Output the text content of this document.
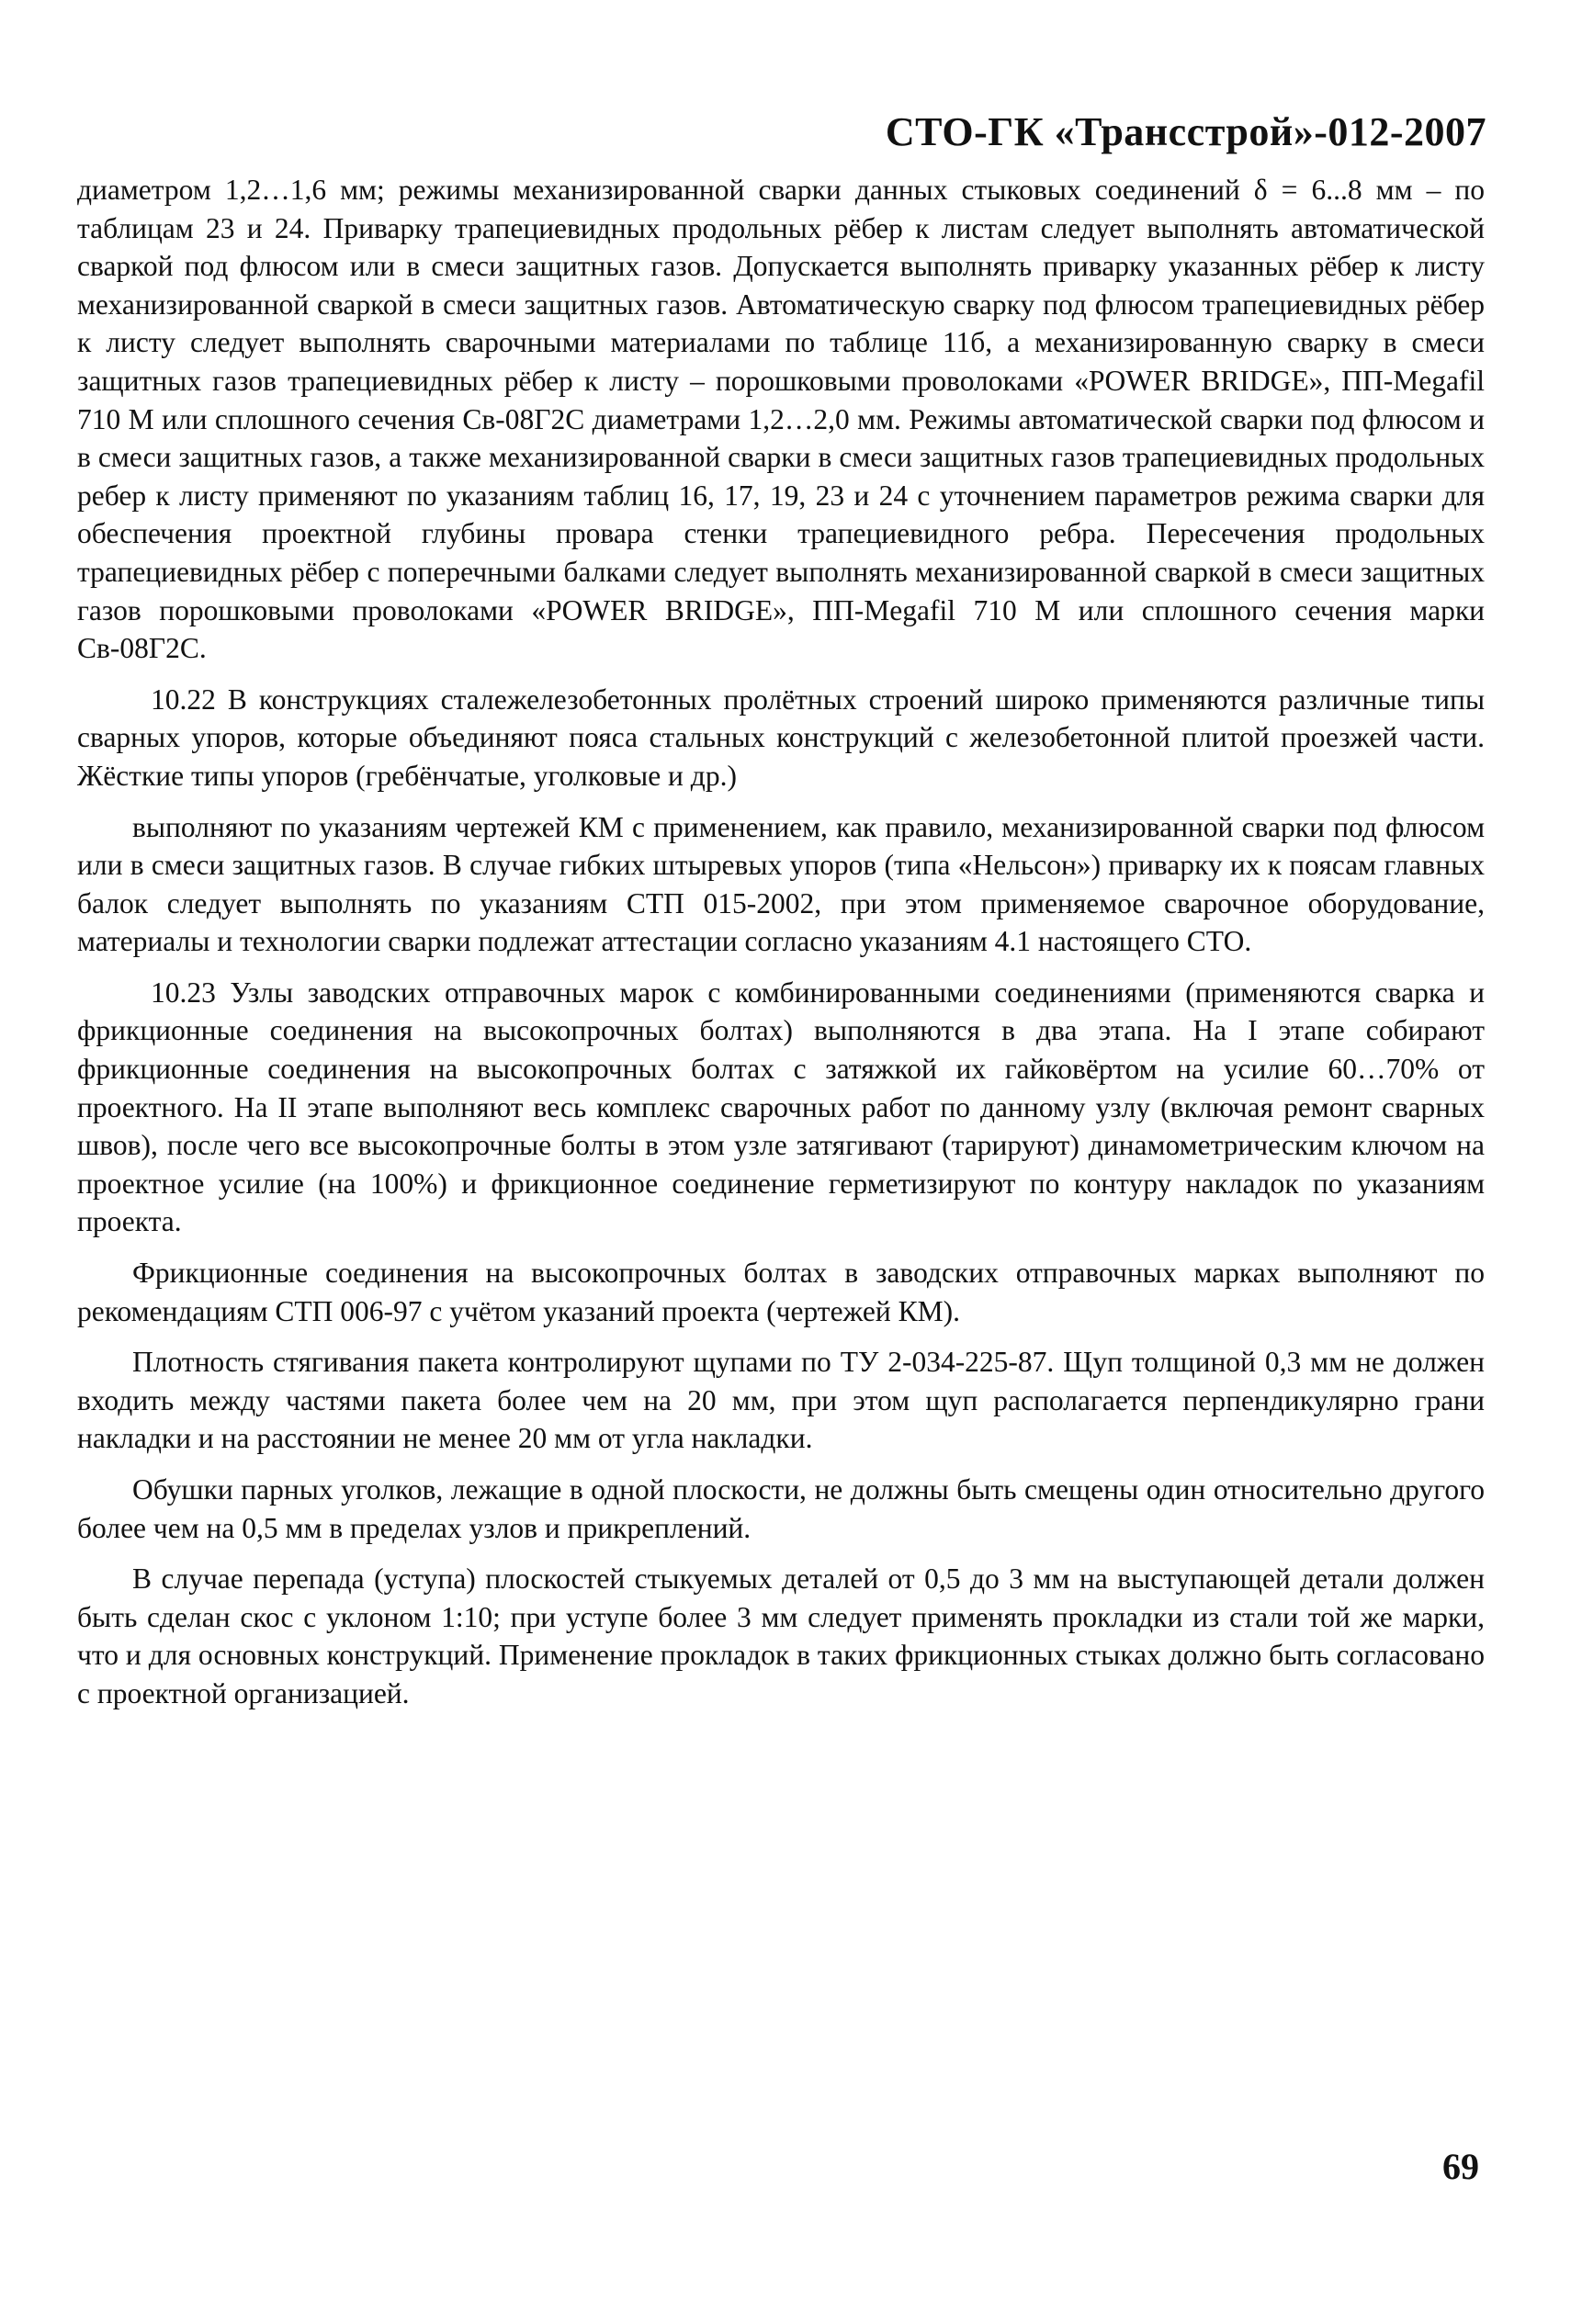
СТО-ГК «Трансстрой»-012-2007

диаметром 1,2…1,6 мм; режимы механизированной сварки данных стыковых соединений δ = 6...8 мм – по таблицам 23 и 24. Приварку трапециевидных продольных рёбер к листам следует выполнять автоматической сваркой под флюсом или в смеси защитных газов. Допускается выполнять приварку указанных рёбер к листу механизированной сваркой в смеси защитных газов. Автоматическую сварку под флюсом трапециевидных рёбер к листу следует выполнять сварочными материалами по таблице 11б, а механизированную сварку в смеси защитных газов трапециевидных рёбер к листу – порошковыми проволоками «POWER BRIDGE», ПП-Megafil 710 М или сплошного сечения Св-08Г2С диаметрами 1,2…2,0 мм. Режимы автоматической сварки под флюсом и в смеси защитных газов, а также механизированной сварки в смеси защитных газов трапециевидных продольных ребер к листу применяют по указаниям таблиц 16, 17, 19, 23 и 24 с уточнением параметров режима сварки для обеспечения проектной глубины провара стенки трапециевидного ребра. Пересечения продольных трапециевидных рёбер с поперечными балками следует выполнять механизированной сваркой в смеси защитных газов порошковыми проволоками «POWER BRIDGE», ПП-Megafil 710 М или сплошного сечения марки Св-08Г2С.

10.22 В конструкциях сталежелезобетонных пролётных строений широко применяются различные типы сварных упоров, которые объединяют пояса стальных конструкций с железобетонной плитой проезжей части. Жёсткие типы упоров (гребёнчатые, уголковые и др.)

выполняют по указаниям чертежей КМ с применением, как правило, механизированной сварки под флюсом или в смеси защитных газов. В случае гибких штыревых упоров (типа «Нельсон») приварку их к поясам главных балок следует выполнять по указаниям СТП 015-2002, при этом применяемое сварочное оборудование, материалы и технологии сварки подлежат аттестации согласно указаниям 4.1 настоящего СТО.

10.23 Узлы заводских отправочных марок с комбинированными соединениями (применяются сварка и фрикционные соединения на высокопрочных болтах) выполняются в два этапа. На I этапе собирают фрикционные соединения на высокопрочных болтах с затяжкой их гайковёртом на усилие 60…70% от проектного. На II этапе выполняют весь комплекс сварочных работ по данному узлу (включая ремонт сварных швов), после чего все высокопрочные болты в этом узле затягивают (тарируют) динамометрическим ключом на проектное усилие (на 100%) и фрикционное соединение герметизируют по контуру накладок по указаниям проекта.

Фрикционные соединения на высокопрочных болтах в заводских отправочных марках выполняют по рекомендациям СТП 006-97 с учётом указаний проекта (чертежей КМ).

Плотность стягивания пакета контролируют щупами по ТУ 2-034-225-87. Щуп толщиной 0,3 мм не должен входить между частями пакета более чем на 20 мм, при этом щуп располагается перпендикулярно грани накладки и на расстоянии не менее 20 мм от угла накладки.

Обушки парных уголков, лежащие в одной плоскости, не должны быть смещены один относительно другого более чем на 0,5 мм в пределах узлов и прикреплений.

В случае перепада (уступа) плоскостей стыкуемых деталей от 0,5 до 3 мм на выступающей детали должен быть сделан скос с уклоном 1:10; при уступе более 3 мм следует применять прокладки из стали той же марки, что и для основных конструкций. Применение прокладок в таких фрикционных стыках должно быть согласовано с проектной организацией.

69
